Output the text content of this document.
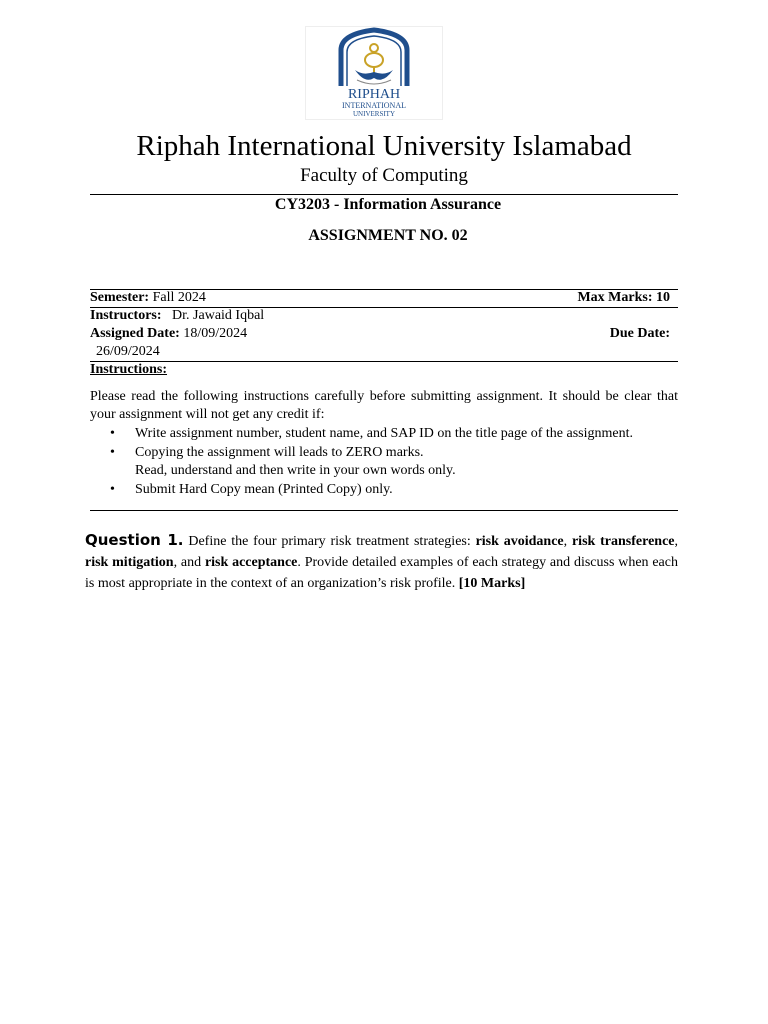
RIPHAH
INTERNATIONAL
UNIVERSITY
Riphah International University Islamabad
Faculty of Computing
CY3203 - Information Assurance
ASSIGNMENT NO. 02
Semester: Fall 2024	Max Marks: 10
Instructors: Dr. Jawaid Iqbal
Assigned Date: 18/09/2024	Due Date:
26/09/2024
Instructions:
Please read the following instructions carefully before submitting assignment. It should be clear that your assignment will not get any credit if:
• Write assignment number, student name, and SAP ID on the title page of the assignment.
• Copying the assignment will leads to ZERO marks.
Read, understand and then write in your own words only.
• Submit Hard Copy mean (Printed Copy) only.
Question 1. Define the four primary risk treatment strategies: risk avoidance, risk transference, risk mitigation, and risk acceptance. Provide detailed examples of each strategy and discuss when each is most appropriate in the context of an organization’s risk profile. [10 Marks]
